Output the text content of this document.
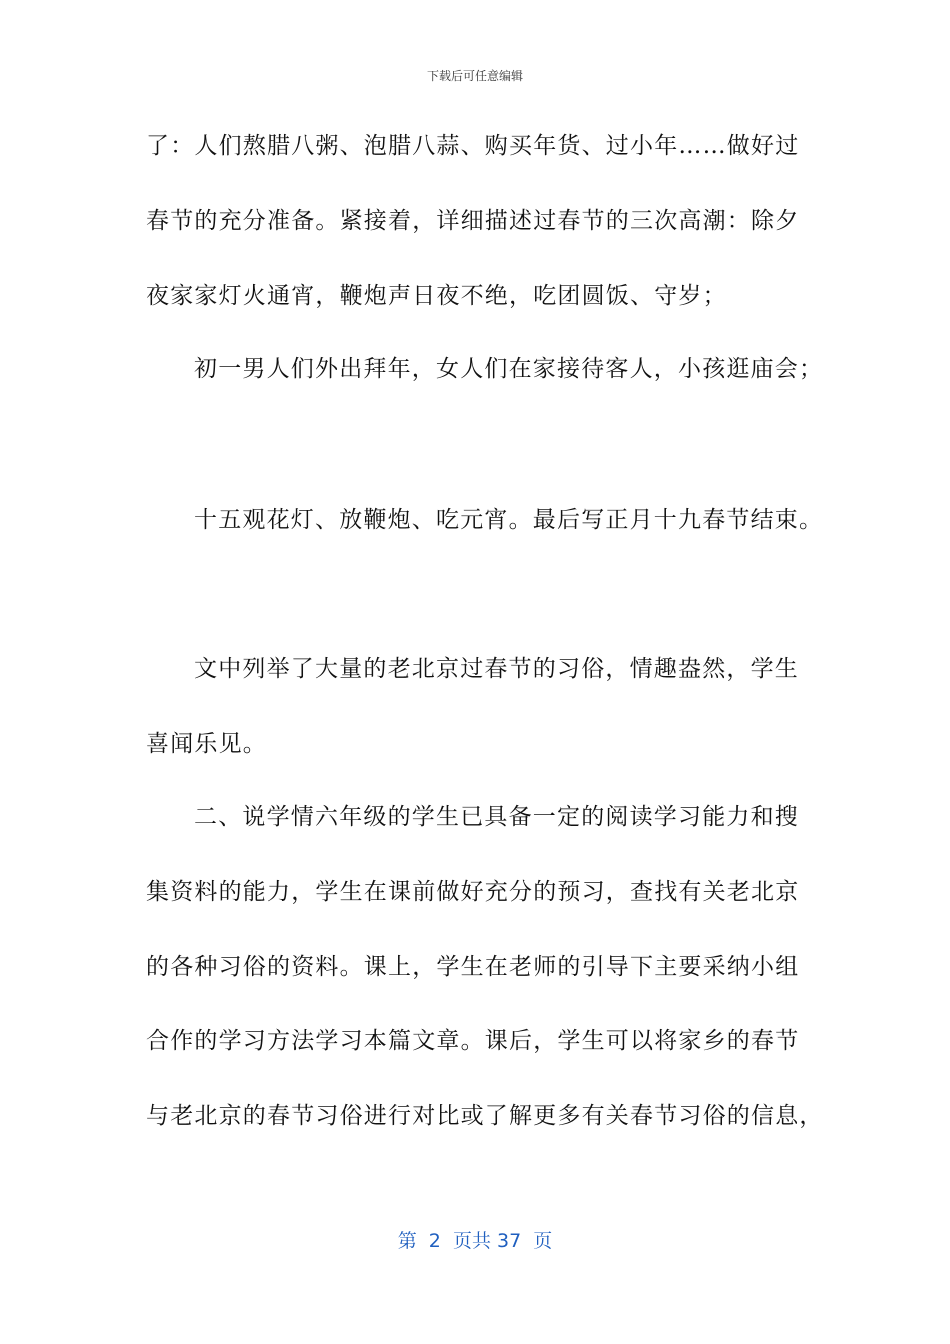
下载后可任意编辑
了：人们熬腊八粥、泡腊八蒜、购买年货、过小年……做好过
春节的充分准备。紧接着，详细描述过春节的三次高潮：除夕
夜家家灯火通宵，鞭炮声日夜不绝，吃团圆饭、守岁；
初一男人们外出拜年，女人们在家接待客人，小孩逛庙会；
十五观花灯、放鞭炮、吃元宵。最后写正月十九春节结束。
文中列举了大量的老北京过春节的习俗，情趣盎然，学生
喜闻乐见。
二、说学情六年级的学生已具备一定的阅读学习能力和搜
集资料的能力，学生在课前做好充分的预习，查找有关老北京
的各种习俗的资料。课上，学生在老师的引导下主要采纳小组
合作的学习方法学习本篇文章。课后，学生可以将家乡的春节
与老北京的春节习俗进行对比或了解更多有关春节习俗的信息，
第  2  页共 37  页
